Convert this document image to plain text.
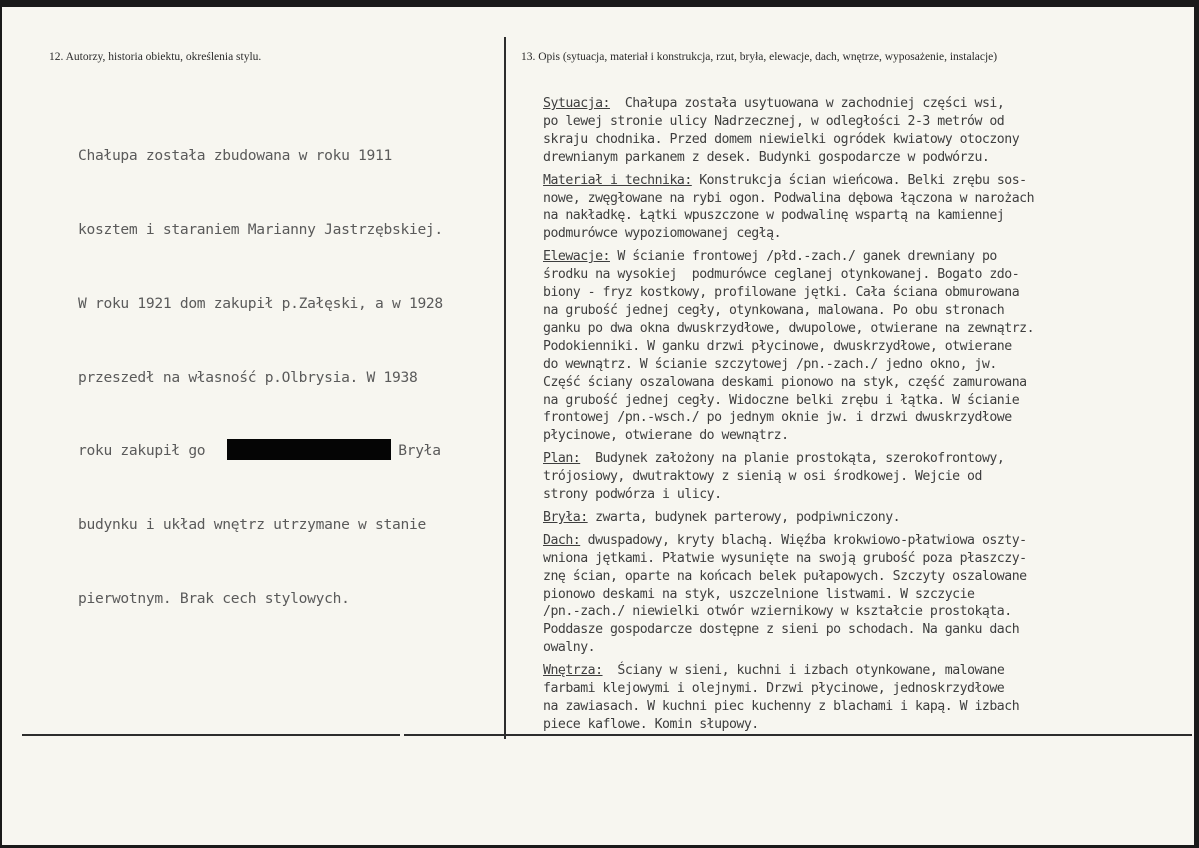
12. Autorzy, historia obiektu, określenia stylu.	13. Opis (sytuacja, materiał i konstrukcja, rzut, bryła, elewacje, dach, wnętrze, wyposażenie, instalacje)

Chałupa została zbudowana w roku 1911

kosztem i staraniem Marianny Jastrzębskiej.

W roku 1921 dom zakupił p.Załęski, a w 1928

przeszedł na własność p.Olbrysia. W 1938

roku zakupił go	Bryła

budynku i układ wnętrz utrzymane w stanie

pierwotnym. Brak cech stylowych.

Sytuacja:  Chałupa została usytuowana w zachodniej części wsi,
po lewej stronie ulicy Nadrzecznej, w odległości 2-3 metrów od
skraju chodnika. Przed domem niewielki ogródek kwiatowy otoczony
drewnianym parkanem z desek. Budynki gospodarcze w podwórzu.
Materiał i technika: Konstrukcja ścian wieńcowa. Belki zrębu sos-
nowe, zwęgłowane na rybi ogon. Podwalina dębowa łączona w narożach
na nakładkę. Łątki wpuszczone w podwalinę wspartą na kamiennej
podmurówce wypoziomowanej cegłą.
Elewacje: W ścianie frontowej /płd.-zach./ ganek drewniany po
środku na wysokiej  podmurówce ceglanej otynkowanej. Bogato zdo-
biony - fryz kostkowy, profilowane jętki. Cała ściana obmurowana
na grubość jednej cegły, otynkowana, malowana. Po obu stronach
ganku po dwa okna dwuskrzydłowe, dwupolowe, otwierane na zewnątrz.
Podokienniki. W ganku drzwi płycinowe, dwuskrzydłowe, otwierane
do wewnątrz. W ścianie szczytowej /pn.-zach./ jedno okno, jw.
Część ściany oszalowana deskami pionowo na styk, część zamurowana
na grubość jednej cegły. Widoczne belki zrębu i łątka. W ścianie
frontowej /pn.-wsch./ po jednym oknie jw. i drzwi dwuskrzydłowe
płycinowe, otwierane do wewnątrz.
Plan:  Budynek założony na planie prostokąta, szerokofrontowy,
trójosiowy, dwutraktowy z sienią w osi środkowej. Wejcie od
strony podwórza i ulicy.
Bryła: zwarta, budynek parterowy, podpiwniczony.
Dach: dwuspadowy, kryty blachą. Więźba krokwiowo-płatwiowa oszty-
wniona jętkami. Płatwie wysunięte na swoją grubość poza płaszczy-
znę ścian, oparte na końcach belek pułapowych. Szczyty oszalowane
pionowo deskami na styk, uszczelnione listwami. W szczycie
/pn.-zach./ niewielki otwór wziernikowy w kształcie prostokąta.
Poddasze gospodarcze dostępne z sieni po schodach. Na ganku dach
owalny.
Wnętrza:  Ściany w sieni, kuchni i izbach otynkowane, malowane
farbami klejowymi i olejnymi. Drzwi płycinowe, jednoskrzydłowe
na zawiasach. W kuchni piec kuchenny z blachami i kapą. W izbach
piece kaflowe. Komin słupowy.
